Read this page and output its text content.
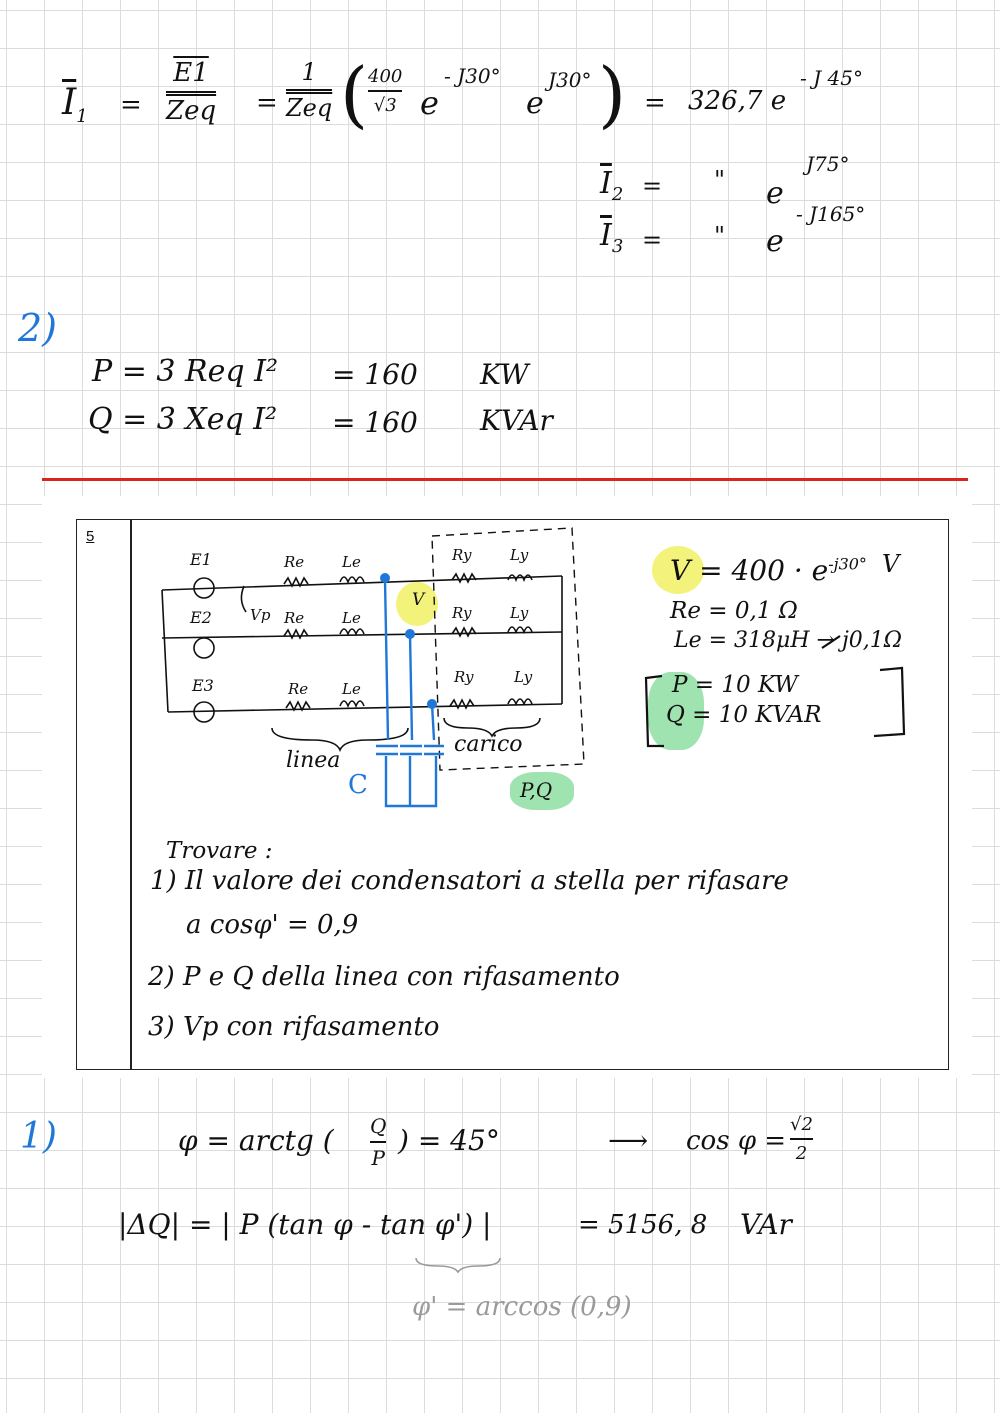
$\overline{I}_1$ =
E1
$\overline{Zeq}$ =
1
$\overline{Zeq}$ ( 400
√3 e
- J30°
e
J30° ) = 326,7 e
- J 45°
$\overline{I}_2$ = " e
J75°
$\overline{I}_3$ = " e
- J165°
2)
P = 3 Req I² = 160 KW
Q = 3 Xeq I² = 160 KVAr
5
E1
E2
E3
Vp
V
Re	Le
Re	Le
Re Le
Ry	Ly
Ry	Ly
Ry	Ly
linea
carico
C	P,Q
$V = 400 \cdot e^{-j30^\circ}$ V
Re = 0,1 Ω
Le = 318μH → j0,1Ω
P = 10 KW
Q = 10 KVAR
Trovare :
1) Il valore dei condensatori a stella per rifasare
a cosφ' = 0,9
2) P e Q della linea con rifasamento
3) Vp con rifasamento
1)	φ = arctg ( Q
P
) = 45°	⟶ cos φ =
√2
2
|ΔQ| = | P (tan φ - tan φ') |	= 5156, 8 VAr
φ' = arccos (0,9)
